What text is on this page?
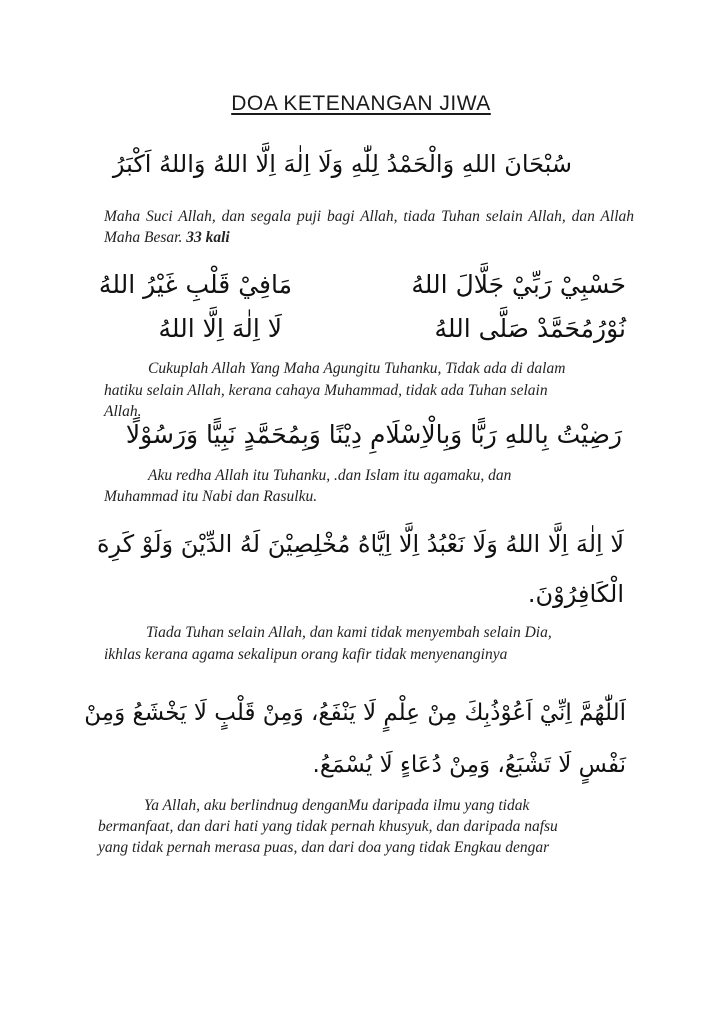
DOA KETENANGAN JIWA
سُبْحَانَ اللهِ وَالْحَمْدُ لِلّٰهِ وَلَا اِلٰهَ اِلَّا اللهُ وَاللهُ اَكْبَرُ
Maha Suci Allah, dan segala puji bagi Allah, tiada Tuhan selain Allah, dan Allah Maha Besar. 33 kali
حَسْبِيْ رَبِّيْ جَلَّالَ اللهُ
مَافِيْ قَلْبِ غَيْرُ اللهُ
نُوْرُمُحَمَّدْ صَلَّى اللهُ
لَا اِلٰهَ اِلَّا اللهُ
Cukuplah Allah Yang Maha Agungitu Tuhanku, Tidak ada di dalam
hatiku selain Allah, kerana cahaya Muhammad, tidak ada Tuhan selain
Allah.
رَضِيْتُ بِاللهِ رَبًّا وَبِالْاِسْلَامِ دِيْنًا وَبِمُحَمَّدٍ نَبِيًّا وَرَسُوْلًا
Aku redha Allah itu Tuhanku, .dan Islam itu agamaku, dan
Muhammad itu Nabi dan Rasulku.
لَا اِلٰهَ اِلَّا اللهُ وَلَا نَعْبُدُ اِلَّا اِيَّاهُ مُخْلِصِيْنَ لَهُ الدِّيْنَ وَلَوْ كَرِهَ
الْكَافِرُوْنَ.
Tiada Tuhan selain Allah, dan kami tidak menyembah selain Dia,
ikhlas kerana agama sekalipun orang kafir tidak menyenanginya
اَللّٰهُمَّ اِنِّيْ اَعُوْذُبِكَ مِنْ عِلْمٍ لَا يَنْفَعُ، وَمِنْ قَلْبٍ لَا يَخْشَعُ وَمِنْ
نَفْسٍ لَا تَشْبَعُ، وَمِنْ دُعَاءٍ لَا يُسْمَعُ.
Ya Allah, aku berlindnug denganMu daripada ilmu yang tidak
bermanfaat, dan dari hati yang tidak pernah khusyuk, dan daripada nafsu
yang tidak pernah merasa puas, dan dari doa yang tidak Engkau dengar
